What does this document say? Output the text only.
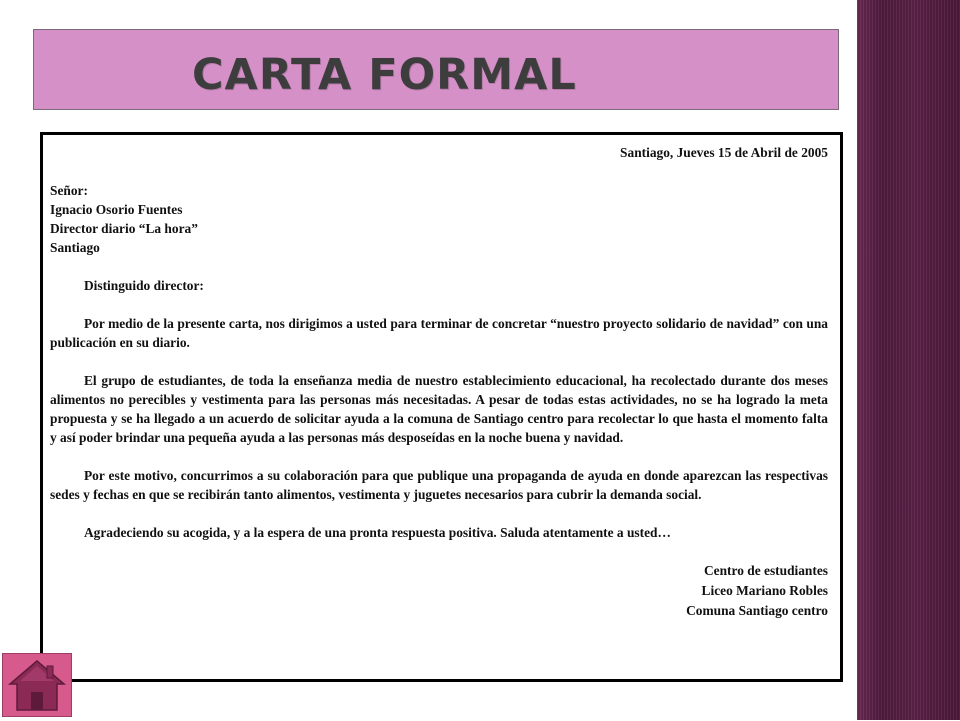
CARTA FORMAL
Santiago, Jueves 15 de Abril de 2005
Señor:
Ignacio Osorio Fuentes
Director diario “La hora”
Santiago
Distinguido director:

Por medio de la presente carta, nos dirigimos a usted para terminar de concretar “nuestro proyecto solidario de navidad” con una publicación en su diario.

El grupo de estudiantes, de toda la enseñanza media de nuestro establecimiento educacional, ha recolectado durante dos meses alimentos no perecibles y vestimenta para las personas más necesitadas. A pesar de todas estas actividades, no se ha logrado la meta propuesta y se ha llegado a un acuerdo de solicitar ayuda a la comuna de Santiago centro para recolectar lo que hasta el momento falta y así poder brindar una pequeña ayuda a las personas más desposeídas en la noche buena y navidad.

Por este motivo, concurrimos a su colaboración para que publique una propaganda de ayuda en donde aparezcan las respectivas sedes y fechas en que se recibirán tanto alimentos, vestimenta y juguetes necesarios para cubrir la demanda social.

Agradeciendo su acogida, y a la espera de una pronta respuesta positiva. Saluda atentamente a usted…
Centro de estudiantes
Liceo Mariano Robles
Comuna Santiago centro
